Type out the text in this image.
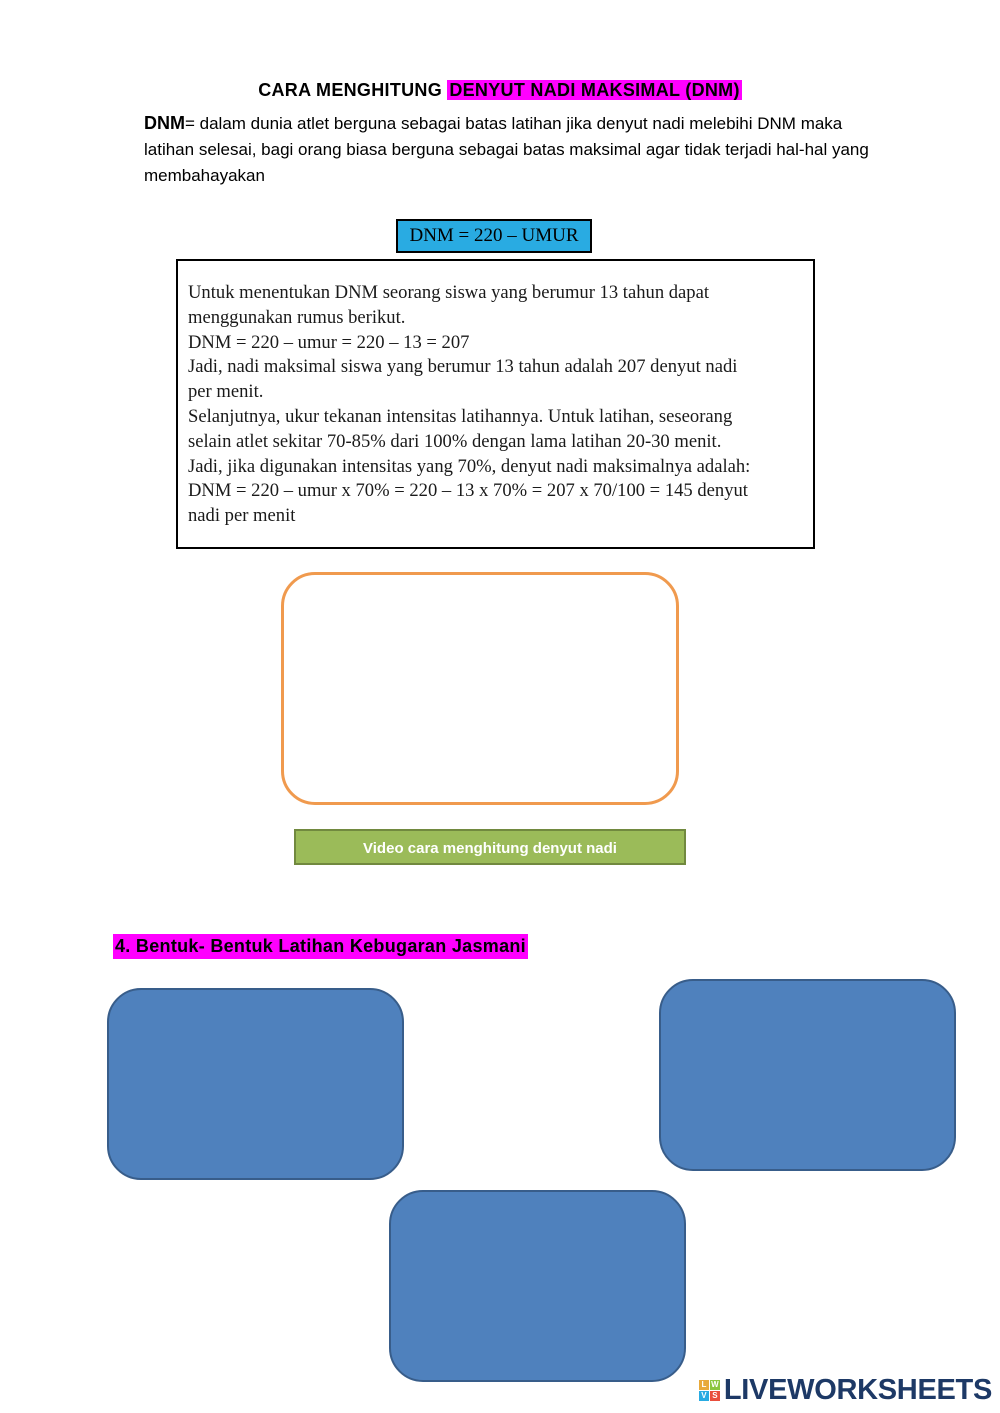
CARA MENGHITUNG DENYUT NADI MAKSIMAL (DNM)
DNM= dalam dunia atlet berguna sebagai batas latihan jika denyut nadi melebihi DNM maka
latihan selesai, bagi orang biasa berguna sebagai batas maksimal agar tidak terjadi hal-hal yang
membahayakan
DNM = 220 – UMUR
Untuk menentukan DNM seorang siswa yang berumur 13 tahun dapat
menggunakan rumus berikut.
DNM = 220 – umur = 220 – 13 = 207
Jadi, nadi maksimal siswa yang berumur 13 tahun adalah 207 denyut nadi
per menit.
Selanjutnya, ukur tekanan intensitas latihannya. Untuk latihan, seseorang
selain atlet sekitar 70-85% dari 100% dengan lama latihan 20-30 menit.
Jadi, jika digunakan intensitas yang 70%, denyut nadi maksimalnya adalah:
DNM = 220 – umur x 70% = 220 – 13 x 70% = 207 x 70/100 = 145 denyut
nadi per menit
Video cara menghitung denyut nadi
4. Bentuk- Bentuk Latihan Kebugaran Jasmani
L W
V S LIVEWORKSHEETS
